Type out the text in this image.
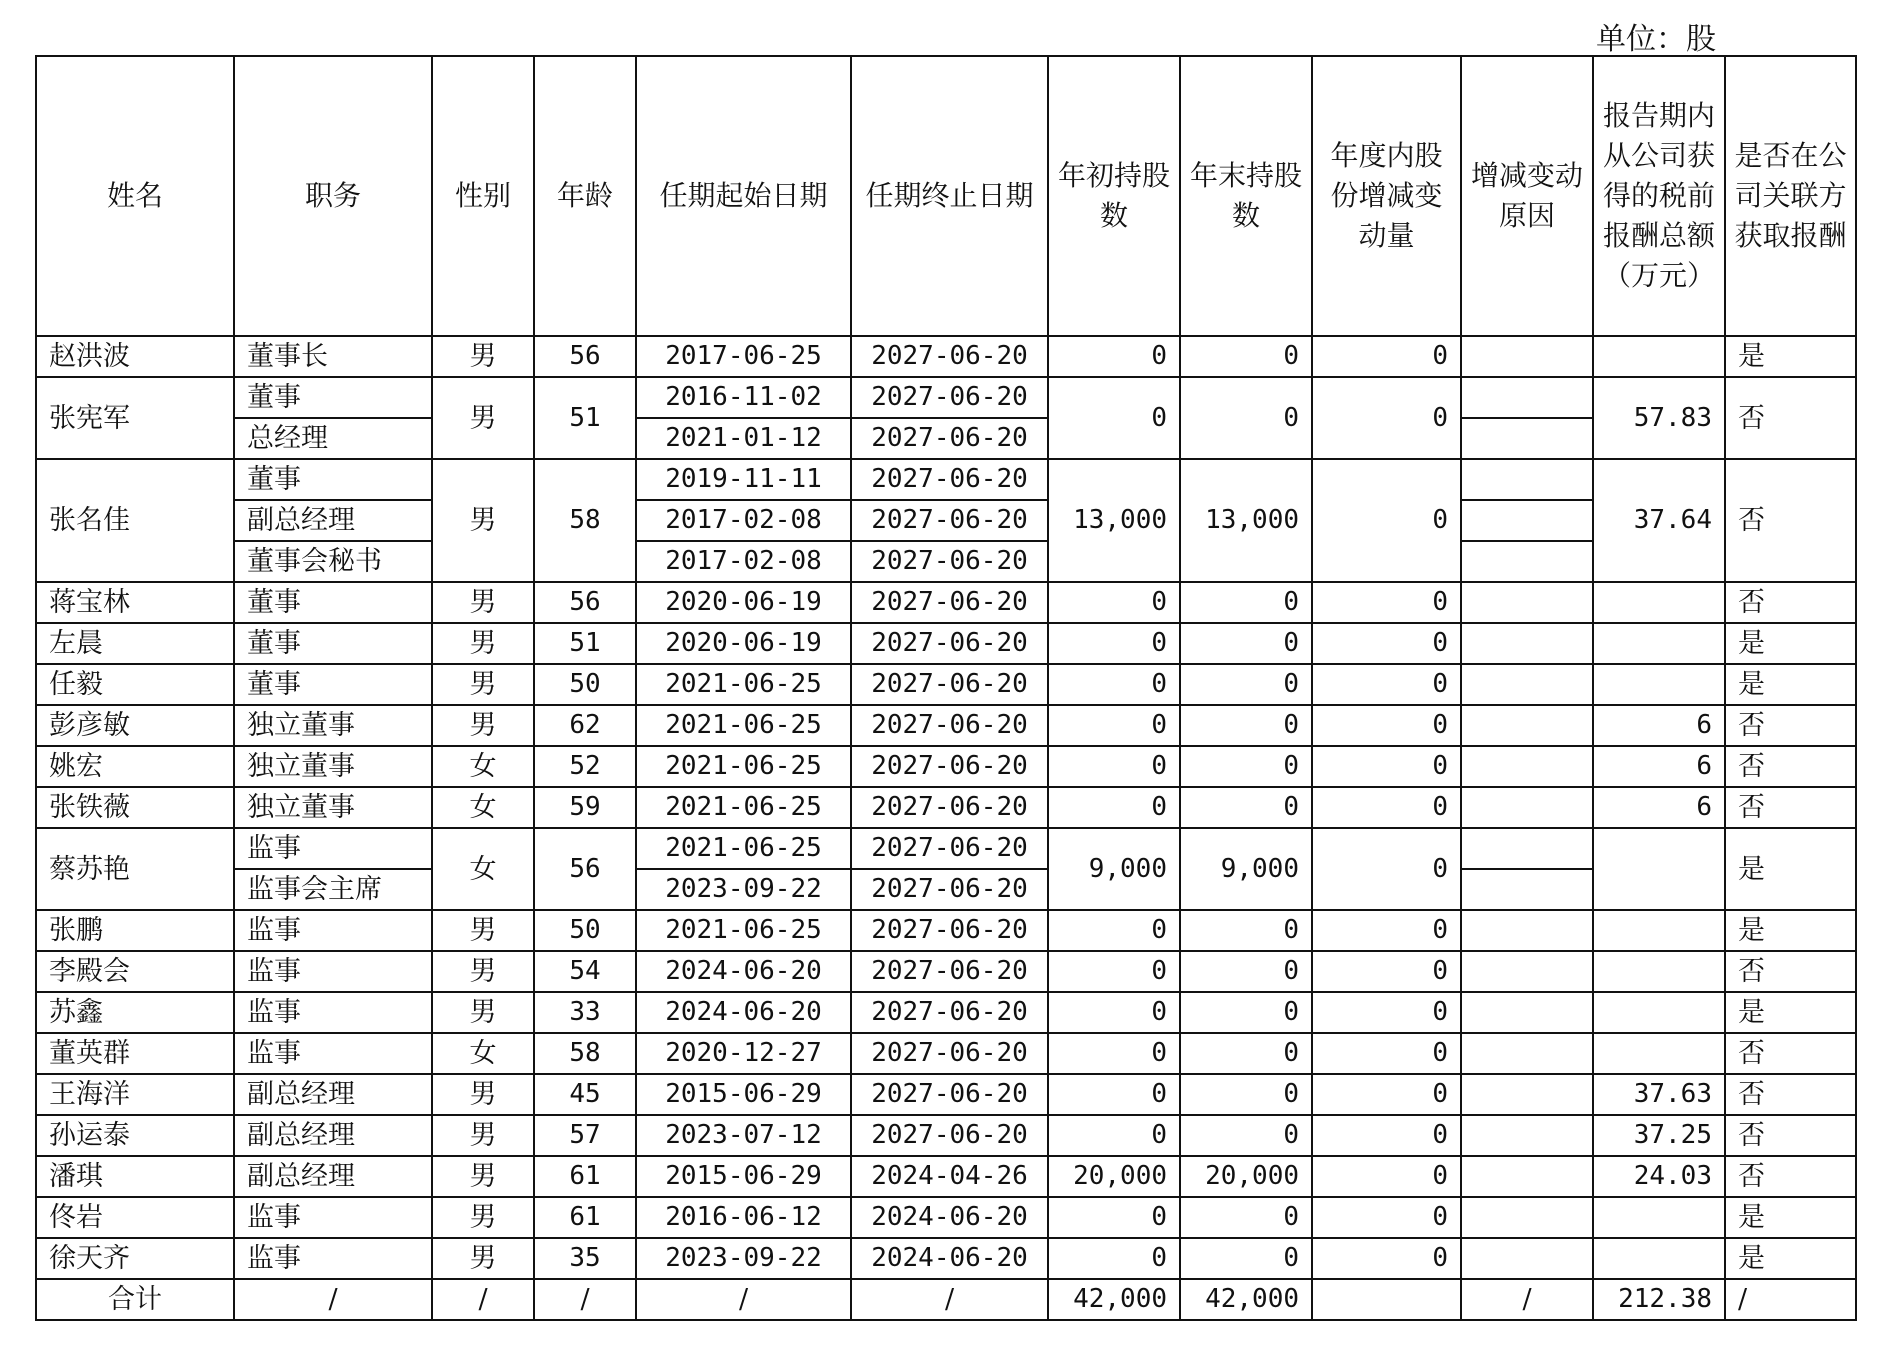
单位：股
姓名	职务	性别	年龄	任期起始日期	任期终止日期	年初持股数	年末持股数	年度内股份增减变动量	增减变动原因	报告期内从公司获得的税前报酬总额（万元）	是否在公司关联方获取报酬
赵洪波	董事长	男	56	2017-06-25	2027-06-20	0	0	0			是
张宪军	董事	男	51	2016-11-02	2027-06-20	0	0	0		57.83	否
	总经理			2021-01-12	2027-06-20						
张名佳	董事	男	58	2019-11-11	2027-06-20	13,000	13,000	0		37.64	否
	副总经理			2017-02-08	2027-06-20						
	董事会秘书			2017-02-08	2027-06-20						
蒋宝林	董事	男	56	2020-06-19	2027-06-20	0	0	0			否
左晨	董事	男	51	2020-06-19	2027-06-20	0	0	0			是
任毅	董事	男	50	2021-06-25	2027-06-20	0	0	0			是
彭彦敏	独立董事	男	62	2021-06-25	2027-06-20	0	0	0		6	否
姚宏	独立董事	女	52	2021-06-25	2027-06-20	0	0	0		6	否
张铁薇	独立董事	女	59	2021-06-25	2027-06-20	0	0	0		6	否
蔡苏艳	监事	女	56	2021-06-25	2027-06-20	9,000	9,000	0			是
	监事会主席			2023-09-22	2027-06-20						
张鹏	监事	男	50	2021-06-25	2027-06-20	0	0	0			是
李殿会	监事	男	54	2024-06-20	2027-06-20	0	0	0			否
苏鑫	监事	男	33	2024-06-20	2027-06-20	0	0	0			是
董英群	监事	女	58	2020-12-27	2027-06-20	0	0	0			否
王海洋	副总经理	男	45	2015-06-29	2027-06-20	0	0	0		37.63	否
孙运泰	副总经理	男	57	2023-07-12	2027-06-20	0	0	0		37.25	否
潘琪	副总经理	男	61	2015-06-29	2024-04-26	20,000	20,000	0		24.03	否
佟岩	监事	男	61	2016-06-12	2024-06-20	0	0	0			是
徐天齐	监事	男	35	2023-09-22	2024-06-20	0	0	0			是
合计	/	/	/	/	/	42,000	42,000		/	212.38	/
